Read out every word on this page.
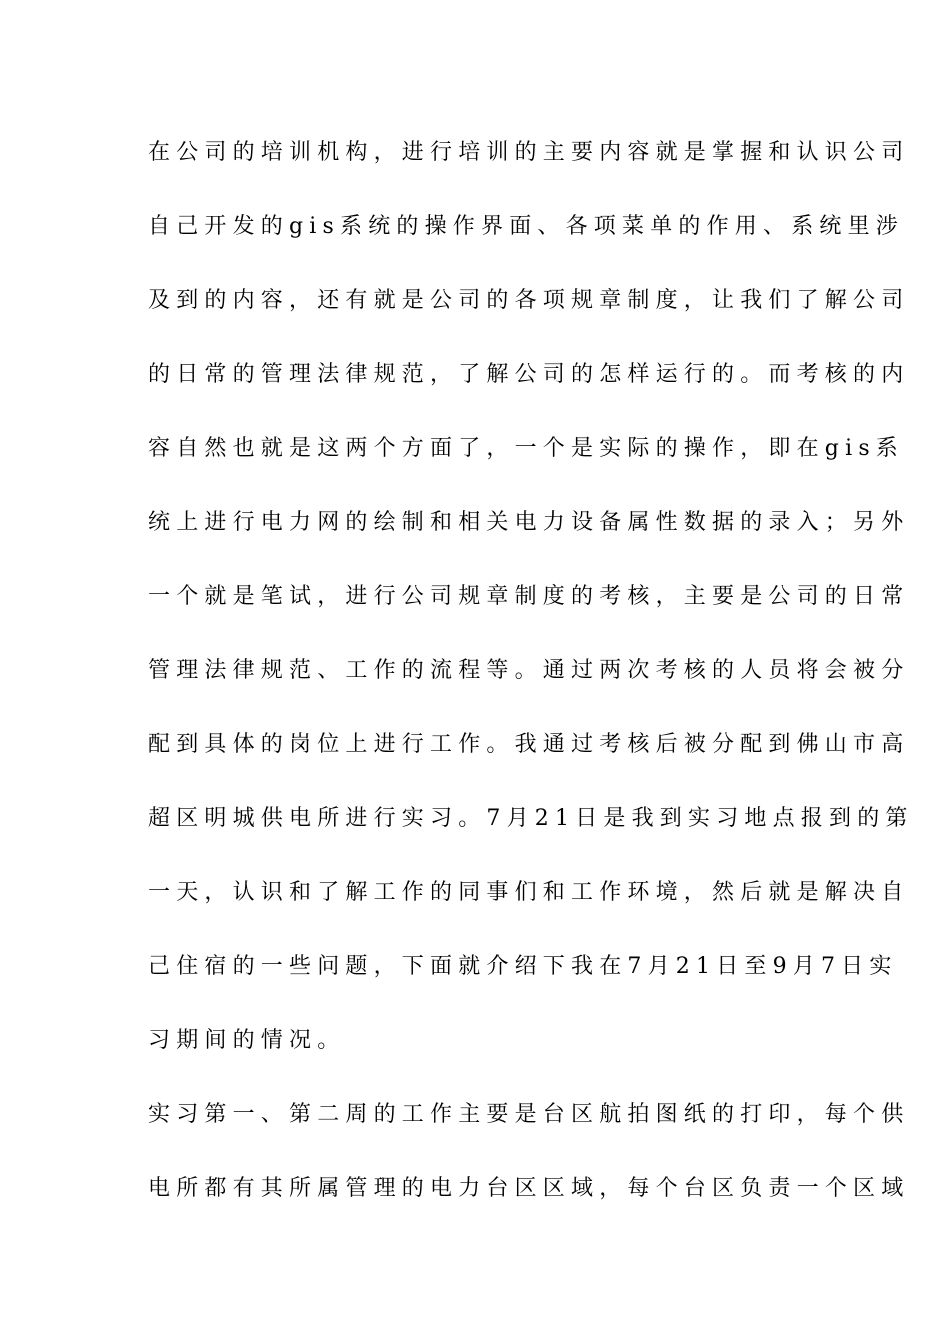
在公司的培训机构，进行培训的主要内容就是掌握和认识公司
自己开发的gis系统的操作界面、各项菜单的作用、系统里涉
及到的内容，还有就是公司的各项规章制度，让我们了解公司
的日常的管理法律规范，了解公司的怎样运行的。而考核的内
容自然也就是这两个方面了，一个是实际的操作，即在gis系
统上进行电力网的绘制和相关电力设备属性数据的录入；另外
一个就是笔试，进行公司规章制度的考核，主要是公司的日常
管理法律规范、工作的流程等。通过两次考核的人员将会被分
配到具体的岗位上进行工作。我通过考核后被分配到佛山市高
超区明城供电所进行实习。7月21日是我到实习地点报到的第
一天，认识和了解工作的同事们和工作环境，然后就是解决自
己住宿的一些问题，下面就介绍下我在7月21日至9月7日实
习期间的情况。
实习第一、第二周的工作主要是台区航拍图纸的打印，每个供
电所都有其所属管理的电力台区区域，每个台区负责一个区域
